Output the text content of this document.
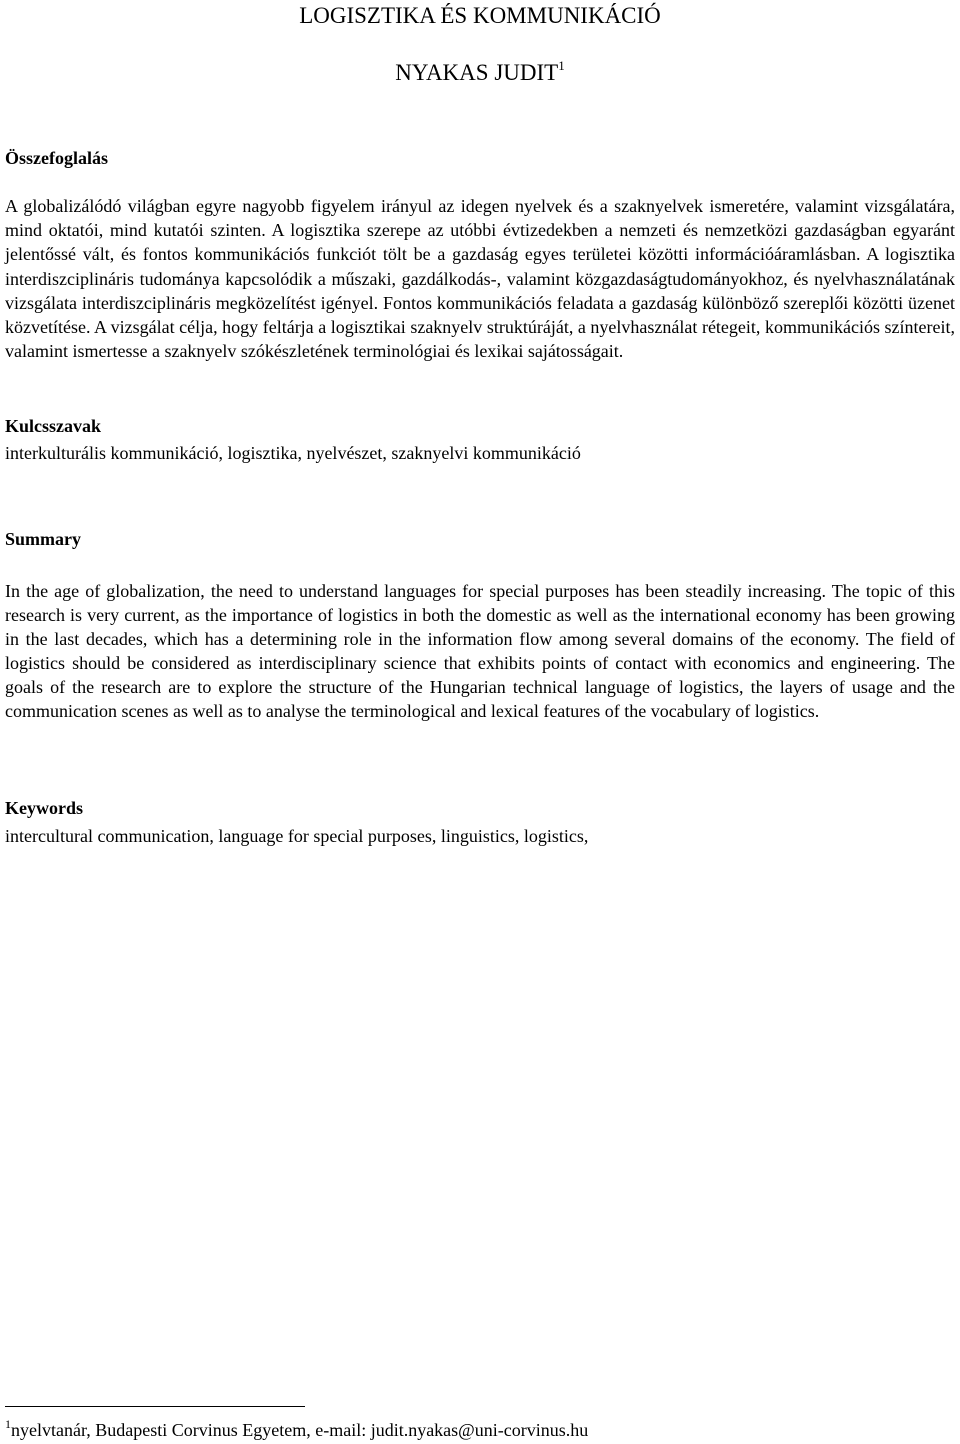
LOGISZTIKA ÉS KOMMUNIKÁCIÓ
NYAKAS JUDIT$^1$
Összefoglalás
A globalizálódó világban egyre nagyobb figyelem irányul az idegen nyelvek és a szaknyelvek ismeretére, valamint vizsgálatára, mind oktatói, mind kutatói szinten. A logisztika szerepe az utóbbi évtizedekben a nemzeti és nemzetközi gazdaságban egyaránt jelentőssé vált, és fontos kommunikációs funkciót tölt be a gazdaság egyes területei közötti információáramlásban. A logisztika interdiszciplináris tudománya kapcsolódik a műszaki, gazdálkodás-, valamint közgazdaságtudományokhoz, és nyelvhasználatának vizsgálata interdiszciplináris megközelítést igényel. Fontos kommunikációs feladata a gazdaság különböző szereplői közötti üzenet közvetítése. A vizsgálat célja, hogy feltárja a logisztikai szaknyelv struktúráját, a nyelvhasználat rétegeit, kommunikációs színtereit, valamint ismertesse a szaknyelv szókészletének terminológiai és lexikai sajátosságait.
Kulcsszavak
interkulturális kommunikáció, logisztika, nyelvészet, szaknyelvi kommunikáció
Summary
In the age of globalization, the need to understand languages for special purposes has been steadily increasing. The topic of this research is very current, as the importance of logistics in both the domestic as well as the international economy has been growing in the last decades, which has a determining role in the information flow among several domains of the economy. The field of logistics should be considered as interdisciplinary science that exhibits points of contact with economics and engineering. The goals of the research are to explore the structure of the Hungarian technical language of logistics, the layers of usage and the communication scenes as well as to analyse the terminological and lexical features of the vocabulary of logistics.
Keywords
intercultural communication, language for special purposes, linguistics, logistics,
$^1$nyelvtanár, Budapesti Corvinus Egyetem, e-mail: judit.nyakas@uni-corvinus.hu
